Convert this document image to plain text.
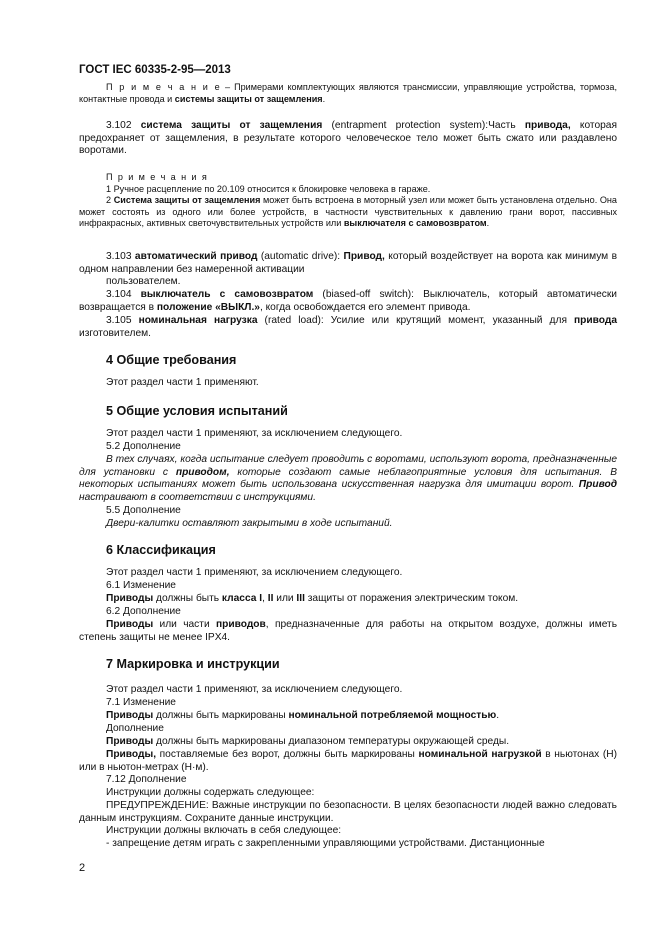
ГОСТ IEC 60335-2-95—2013
П р и м е ч а н и е – Примерами комплектующих являются трансмиссии, управляющие устройства, тормоза, контактные провода и системы защиты от защемления.
3.102 система защиты от защемления (entrapment protection system):Часть привода, которая предохраняет от защемления, в результате которого человеческое тело может быть сжато или раздавлено воротами.
П р и м е ч а н и я
1 Ручное расцепление по 20.109 относится к блокировке человека в гараже.
2 Система защиты от защемления может быть встроена в моторный узел или может быть установлена отдельно. Она может состоять из одного или более устройств, в частности чувствительных к давлению грани ворот, пассивных инфракрасных, активных светочувствительных устройств или выключателя с самовозвратом.
3.103 автоматический привод (automatic drive): Привод, который воздействует на ворота как минимум в одном направлении без намеренной активации
пользователем.
3.104 выключатель с самовозвратом (biased-off switch): Выключатель, который автоматически возвращается в положение «ВЫКЛ.», когда освобождается его элемент привода.
3.105 номинальная нагрузка (rated load): Усилие или крутящий момент, указанный для привода изготовителем.
4 Общие требования
Этот раздел части 1 применяют.
5 Общие условия испытаний
Этот раздел части 1 применяют, за исключением следующего.
5.2 Дополнение
В тех случаях, когда испытание следует проводить с воротами, используют ворота, предназначенные для установки с приводом, которые создают самые неблагоприятные условия для испытания. В некоторых испытаниях может быть использована искусственная нагрузка для имитации ворот. Привод настраивают в соответствии с инструкциями.
5.5 Дополнение
Двери-калитки оставляют закрытыми в ходе испытаний.
6 Классификация
Этот раздел части 1 применяют, за исключением следующего.
6.1 Изменение
Приводы должны быть класса I, II или III защиты от поражения электрическим током.
6.2 Дополнение
Приводы или части приводов, предназначенные для работы на открытом воздухе, должны иметь степень защиты не менее IPX4.
7 Маркировка и инструкции
Этот раздел части 1 применяют, за исключением следующего.
7.1 Изменение
Приводы должны быть маркированы номинальной потребляемой мощностью.
Дополнение
Приводы должны быть маркированы диапазоном температуры окружающей среды.
Приводы, поставляемые без ворот, должны быть маркированы номинальной нагрузкой в ньютонах (Н) или в ньютон-метрах (Н·м).
7.12 Дополнение
Инструкции должны содержать следующее:
ПРЕДУПРЕЖДЕНИЕ: Важные инструкции по безопасности. В целях безопасности людей важно следовать данным инструкциям. Сохраните данные инструкции.
Инструкции должны включать в себя следующее:
- запрещение детям играть с закрепленными управляющими устройствами. Дистанционные
2
